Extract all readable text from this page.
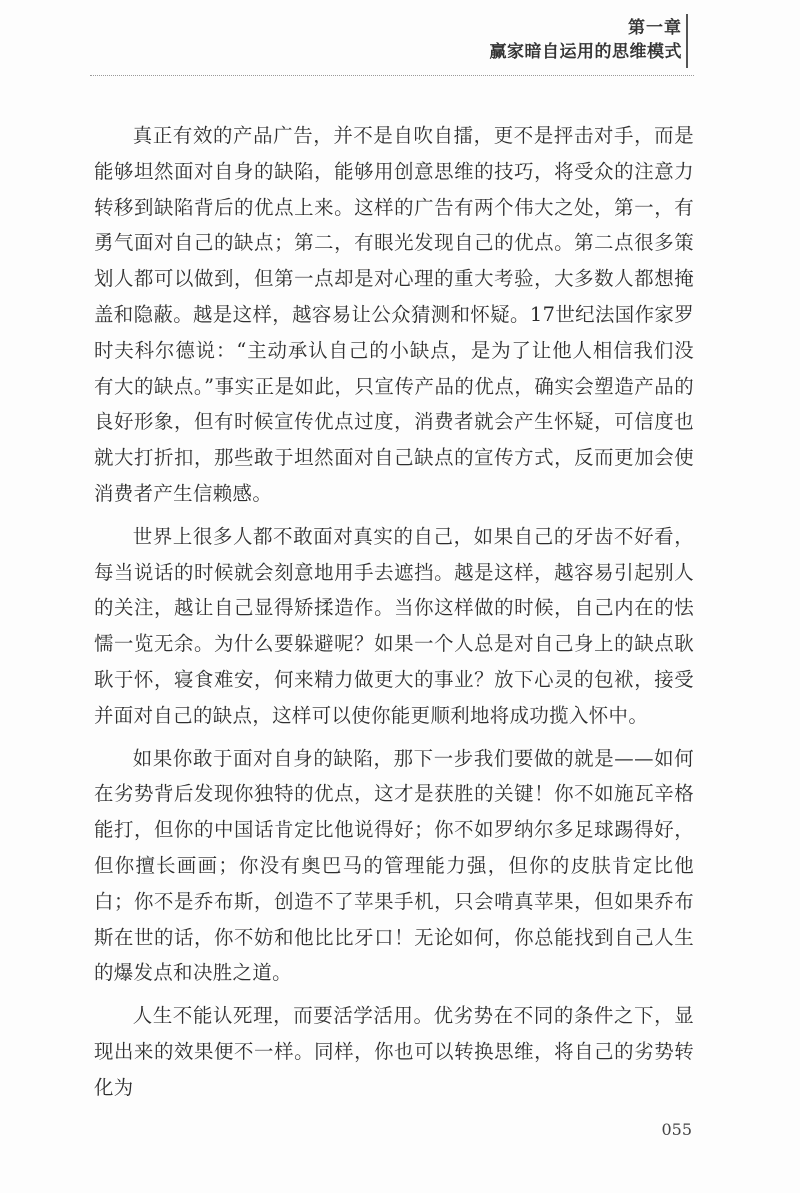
第一章
赢家暗自运用的思维模式

真正有效的产品广告，并不是自吹自擂，更不是抨击对手，而是能够坦然面对自身的缺陷，能够用创意思维的技巧，将受众的注意力转移到缺陷背后的优点上来。这样的广告有两个伟大之处，第一，有勇气面对自己的缺点；第二，有眼光发现自己的优点。第二点很多策划人都可以做到，但第一点却是对心理的重大考验，大多数人都想掩盖和隐蔽。越是这样，越容易让公众猜测和怀疑。17世纪法国作家罗时夫科尔德说：“主动承认自己的小缺点，是为了让他人相信我们没有大的缺点。”事实正是如此，只宣传产品的优点，确实会塑造产品的良好形象，但有时候宣传优点过度，消费者就会产生怀疑，可信度也就大打折扣，那些敢于坦然面对自己缺点的宣传方式，反而更加会使消费者产生信赖感。

世界上很多人都不敢面对真实的自己，如果自己的牙齿不好看，每当说话的时候就会刻意地用手去遮挡。越是这样，越容易引起别人的关注，越让自己显得矫揉造作。当你这样做的时候，自己内在的怯懦一览无余。为什么要躲避呢？如果一个人总是对自己身上的缺点耿耿于怀，寝食难安，何来精力做更大的事业？放下心灵的包袱，接受并面对自己的缺点，这样可以使你能更顺利地将成功揽入怀中。

如果你敢于面对自身的缺陷，那下一步我们要做的就是——如何在劣势背后发现你独特的优点，这才是获胜的关键！你不如施瓦辛格能打，但你的中国话肯定比他说得好；你不如罗纳尔多足球踢得好，但你擅长画画；你没有奥巴马的管理能力强，但你的皮肤肯定比他白；你不是乔布斯，创造不了苹果手机，只会啃真苹果，但如果乔布斯在世的话，你不妨和他比比牙口！无论如何，你总能找到自己人生的爆发点和决胜之道。

人生不能认死理，而要活学活用。优劣势在不同的条件之下，显现出来的效果便不一样。同样，你也可以转换思维，将自己的劣势转化为

055
